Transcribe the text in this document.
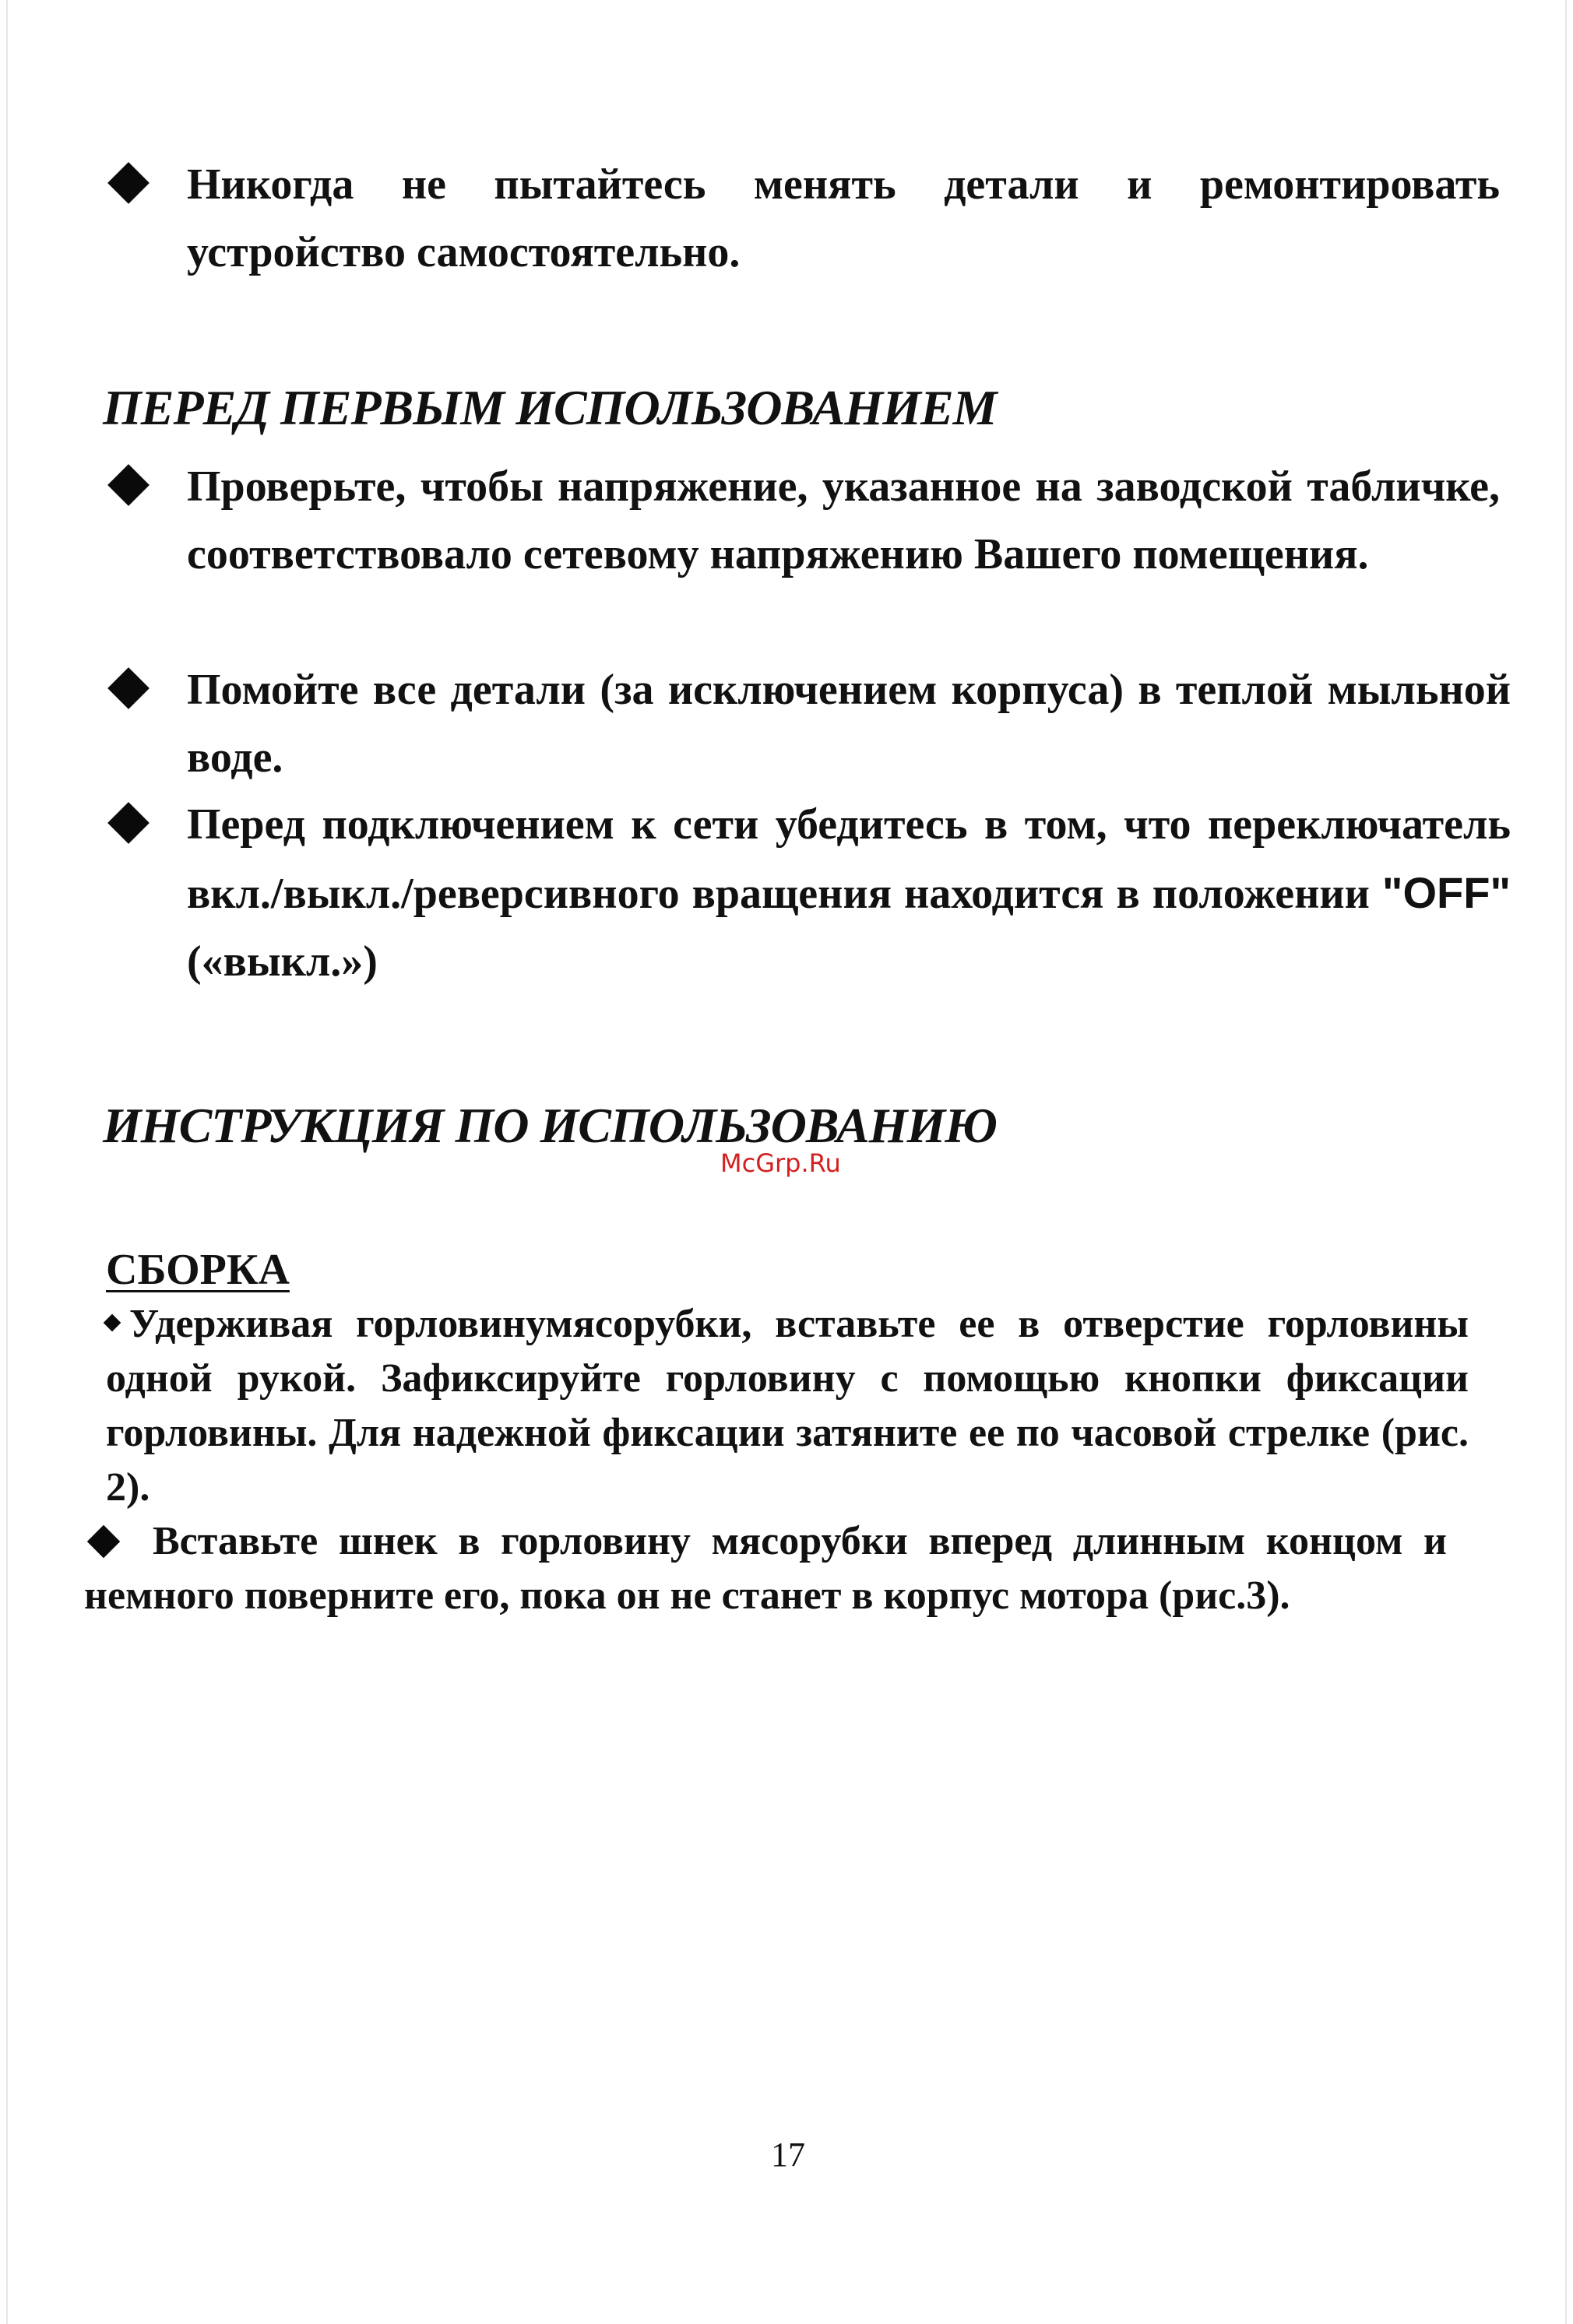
Никогда не пытайтесь менять детали и ремонтировать устройство самостоятельно.
ПЕРЕД ПЕРВЫМ ИСПОЛЬЗОВАНИЕМ
Проверьте, чтобы напряжение, указанное на заводской табличке, соответствовало сетевому напряжению Вашего помещения.
Помойте все детали (за исключением корпуса) в теплой мыльной воде.
Перед подключением к сети убедитесь в том, что переключатель вкл./выкл./реверсивного вращения находится в положении "OFF" («выкл.»)
ИНСТРУКЦИЯ ПО ИСПОЛЬЗОВАНИЮ
McGrp.Ru
СБОРКА
Удерживая горловинумясорубки, вставьте ее в отверстие горловины одной рукой. Зафиксируйте горловину с помощью кнопки фиксации горловины. Для надежной фиксации затяните ее по часовой стрелке (рис. 2).
Вставьте шнек в горловину мясорубки вперед длинным концом и немного поверните его, пока он не станет в корпус мотора (рис.3).
17
